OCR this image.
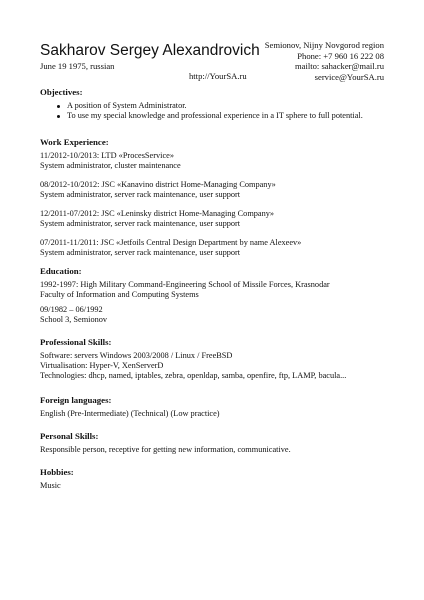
Sakharov Sergey Alexandrovich
June 19 1975, russian
http://YourSA.ru
Semionov, Nijny Novgorod region
Phone: +7 960 16 222 08
mailto: sahacker@mail.ru
service@YourSA.ru
Objectives:
A position of System Administrator.
To use my special knowledge and professional experience in a IT sphere to full potential.
Work Experience:
11/2012-10/2013: LTD «ProcesService»
System administrator, cluster maintenance
08/2012-10/2012: JSC «Kanavino district Home-Managing Company»
System administrator, server rack maintenance, user support
12/2011-07/2012: JSC «Leninsky district Home-Managing Company»
System administrator, server rack maintenance, user support
07/2011-11/2011: JSC «Jetfoils Central Design Department by name Alexeev»
System administrator, server rack maintenance, user support
Education:
1992-1997: High Military Command-Engineering School of Missile Forces, Krasnodar
Faculty of Information and Computing Systems
09/1982 – 06/1992
School 3, Semionov
Professional Skills:
Software: servers Windows 2003/2008 / Linux / FreeBSD
Virtualisation: Hyper-V, XenServerD
Technologies: dhcp, named, iptables, zebra, openldap, samba, openfire, ftp, LAMP, bacula...
Foreign languages:
English (Pre-Intermediate) (Technical) (Low practice)
Personal Skills:
Responsible person, receptive for getting new information, communicative.
Hobbies:
Music
